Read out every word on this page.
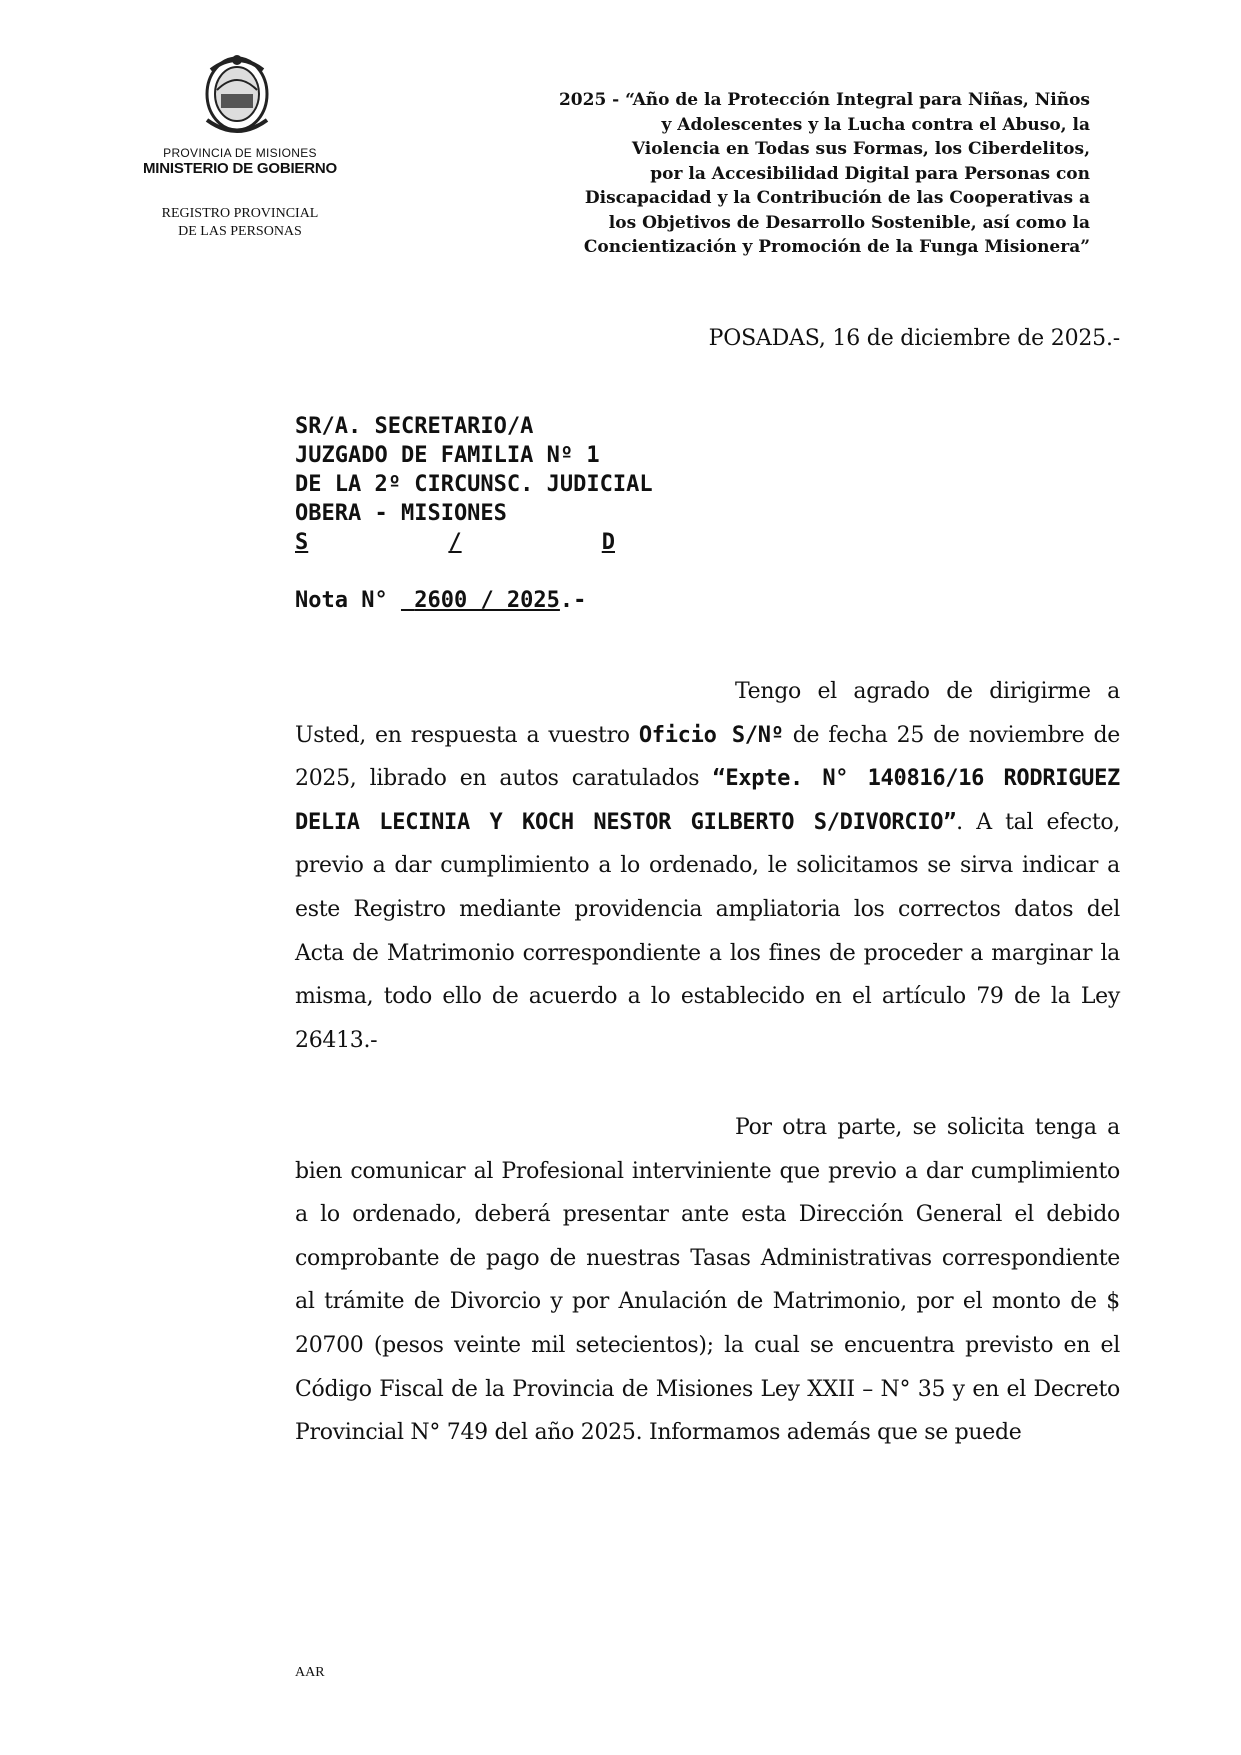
PROVINCIA DE MISIONES
MINISTERIO DE GOBIERNO
REGISTRO PROVINCIAL
DE LAS PERSONAS
2025 - “Año de la Protección Integral para Niñas, Niños
y Adolescentes y la Lucha contra el Abuso, la
Violencia en Todas sus Formas, los Ciberdelitos,
por la Accesibilidad Digital para Personas con
Discapacidad y la Contribución de las Cooperativas a
los Objetivos de Desarrollo Sostenible, así como la
Concientización y Promoción de la Funga Misionera”
POSADAS, 16 de diciembre de 2025.-
SR/A. SECRETARIO/A
JUZGADO DE FAMILIA Nº 1
DE LA 2º CIRCUNSC. JUDICIAL
OBERA - MISIONES
S	/	D
Nota N° 2600 / 2025.-

Tengo el agrado de dirigirme a Usted, en respuesta a vuestro Oficio S/Nº de fecha 25 de noviembre de 2025, librado en autos caratulados “Expte. N° 140816/16 RODRIGUEZ DELIA LECINIA Y KOCH NESTOR GILBERTO S/DIVORCIO”. A tal efecto, previo a dar cumplimiento a lo ordenado, le solicitamos se sirva indicar a este Registro mediante providencia ampliatoria los correctos datos del Acta de Matrimonio correspondiente a los fines de proceder a marginar la misma, todo ello de acuerdo a lo establecido en el artículo 79 de la Ley 26413.-

Por otra parte, se solicita tenga a bien comunicar al Profesional interviniente que previo a dar cumplimiento a lo ordenado, deberá presentar ante esta Dirección General el debido comprobante de pago de nuestras Tasas Administrativas correspondiente al trámite de Divorcio y por Anulación de Matrimonio, por el monto de $ 20700 (pesos veinte mil setecientos); la cual se encuentra previsto en el Código Fiscal de la Provincia de Misiones Ley XXII – N° 35 y en el Decreto Provincial N° 749 del año 2025. Informamos además que se puede

AAR
